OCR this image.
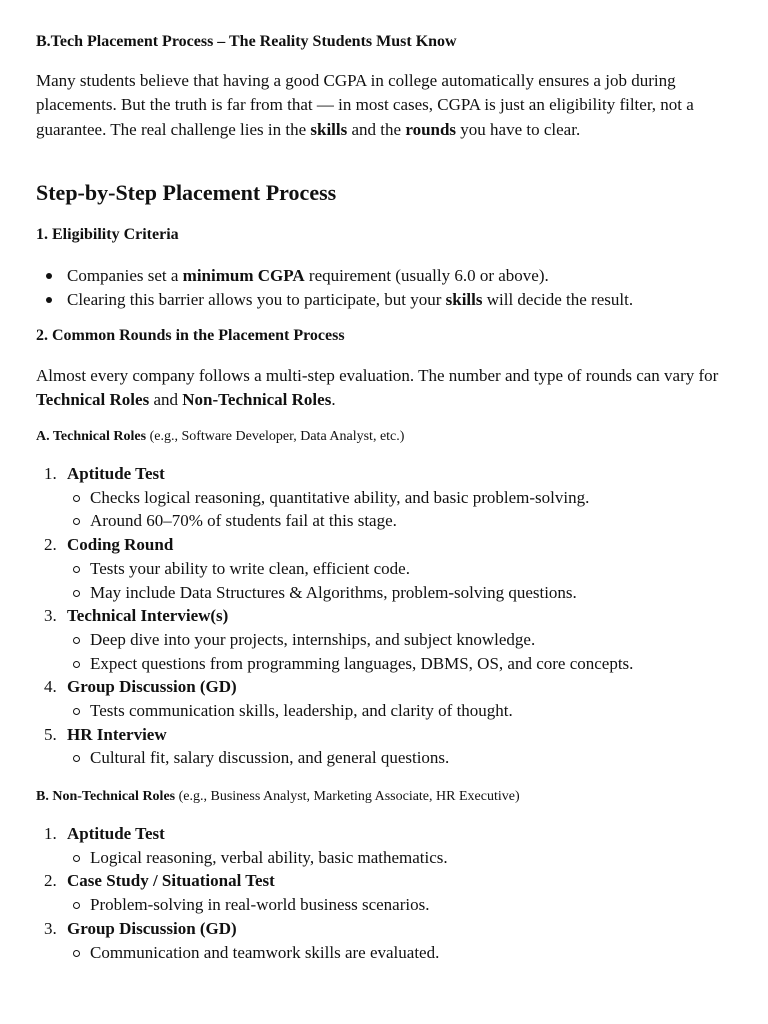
B.Tech Placement Process – The Reality Students Must Know
Many students believe that having a good CGPA in college automatically ensures a job during placements. But the truth is far from that — in most cases, CGPA is just an eligibility filter, not a guarantee. The real challenge lies in the skills and the rounds you have to clear.
Step-by-Step Placement Process
1. Eligibility Criteria
Companies set a minimum CGPA requirement (usually 6.0 or above).
Clearing this barrier allows you to participate, but your skills will decide the result.
2. Common Rounds in the Placement Process
Almost every company follows a multi-step evaluation. The number and type of rounds can vary for Technical Roles and Non-Technical Roles.
A. Technical Roles (e.g., Software Developer, Data Analyst, etc.)
1. Aptitude Test
Checks logical reasoning, quantitative ability, and basic problem-solving.
Around 60–70% of students fail at this stage.
2. Coding Round
Tests your ability to write clean, efficient code.
May include Data Structures & Algorithms, problem-solving questions.
3. Technical Interview(s)
Deep dive into your projects, internships, and subject knowledge.
Expect questions from programming languages, DBMS, OS, and core concepts.
4. Group Discussion (GD)
Tests communication skills, leadership, and clarity of thought.
5. HR Interview
Cultural fit, salary discussion, and general questions.
B. Non-Technical Roles (e.g., Business Analyst, Marketing Associate, HR Executive)
1. Aptitude Test
Logical reasoning, verbal ability, basic mathematics.
2. Case Study / Situational Test
Problem-solving in real-world business scenarios.
3. Group Discussion (GD)
Communication and teamwork skills are evaluated.
